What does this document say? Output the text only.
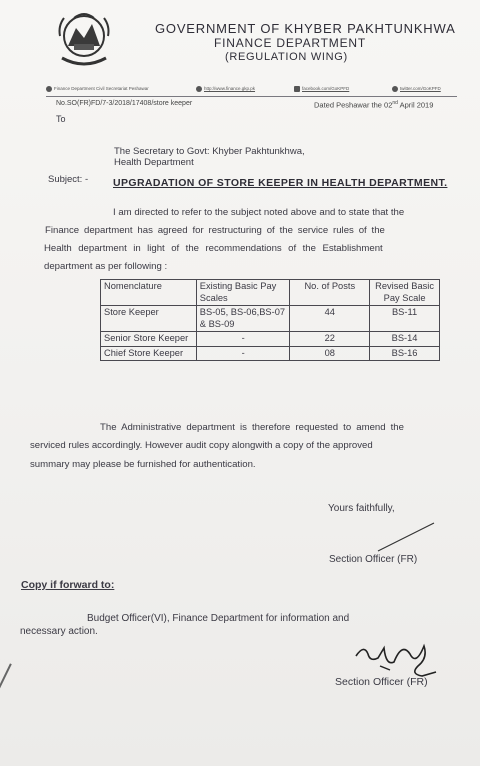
GOVERNMENT OF KHYBER PAKHTUNKHWA
FINANCE DEPARTMENT
(REGULATION WING)
Finance Department Civil Secretariat Peshawar	http://www.finance.gkp.pk	facebook.com/GoKPFD	twitter.com/GoKPFD
No.SO(FR)FD/7-3/2018/17408/store keeper	Dated Peshawar the 02nd April 2019
To
The Secretary to Govt: Khyber Pakhtunkhwa,
Health Department
Subject: - UPGRADATION OF STORE KEEPER IN HEALTH DEPARTMENT.
I am directed to refer to the subject noted above and to state that the
Finance department has agreed for restructuring of the service rules of the
Health department in light of the recommendations of the Establishment
department as per following :
Nomenclature	Existing Basic Pay Scales	No. of Posts	Revised Basic Pay Scale
Store Keeper	BS-05, BS-06,BS-07 & BS-09	44	BS-11
Senior Store Keeper	-	22	BS-14
Chief Store Keeper	-	08	BS-16
The Administrative department is therefore requested to amend the
serviced rules accordingly. However audit copy alongwith a copy of the approved
summary may please be furnished for authentication.
Yours faithfully,
Section Officer (FR)
Copy if forward to:
Budget Officer(VI), Finance Department for information and
necessary action.
Section Officer (FR)
